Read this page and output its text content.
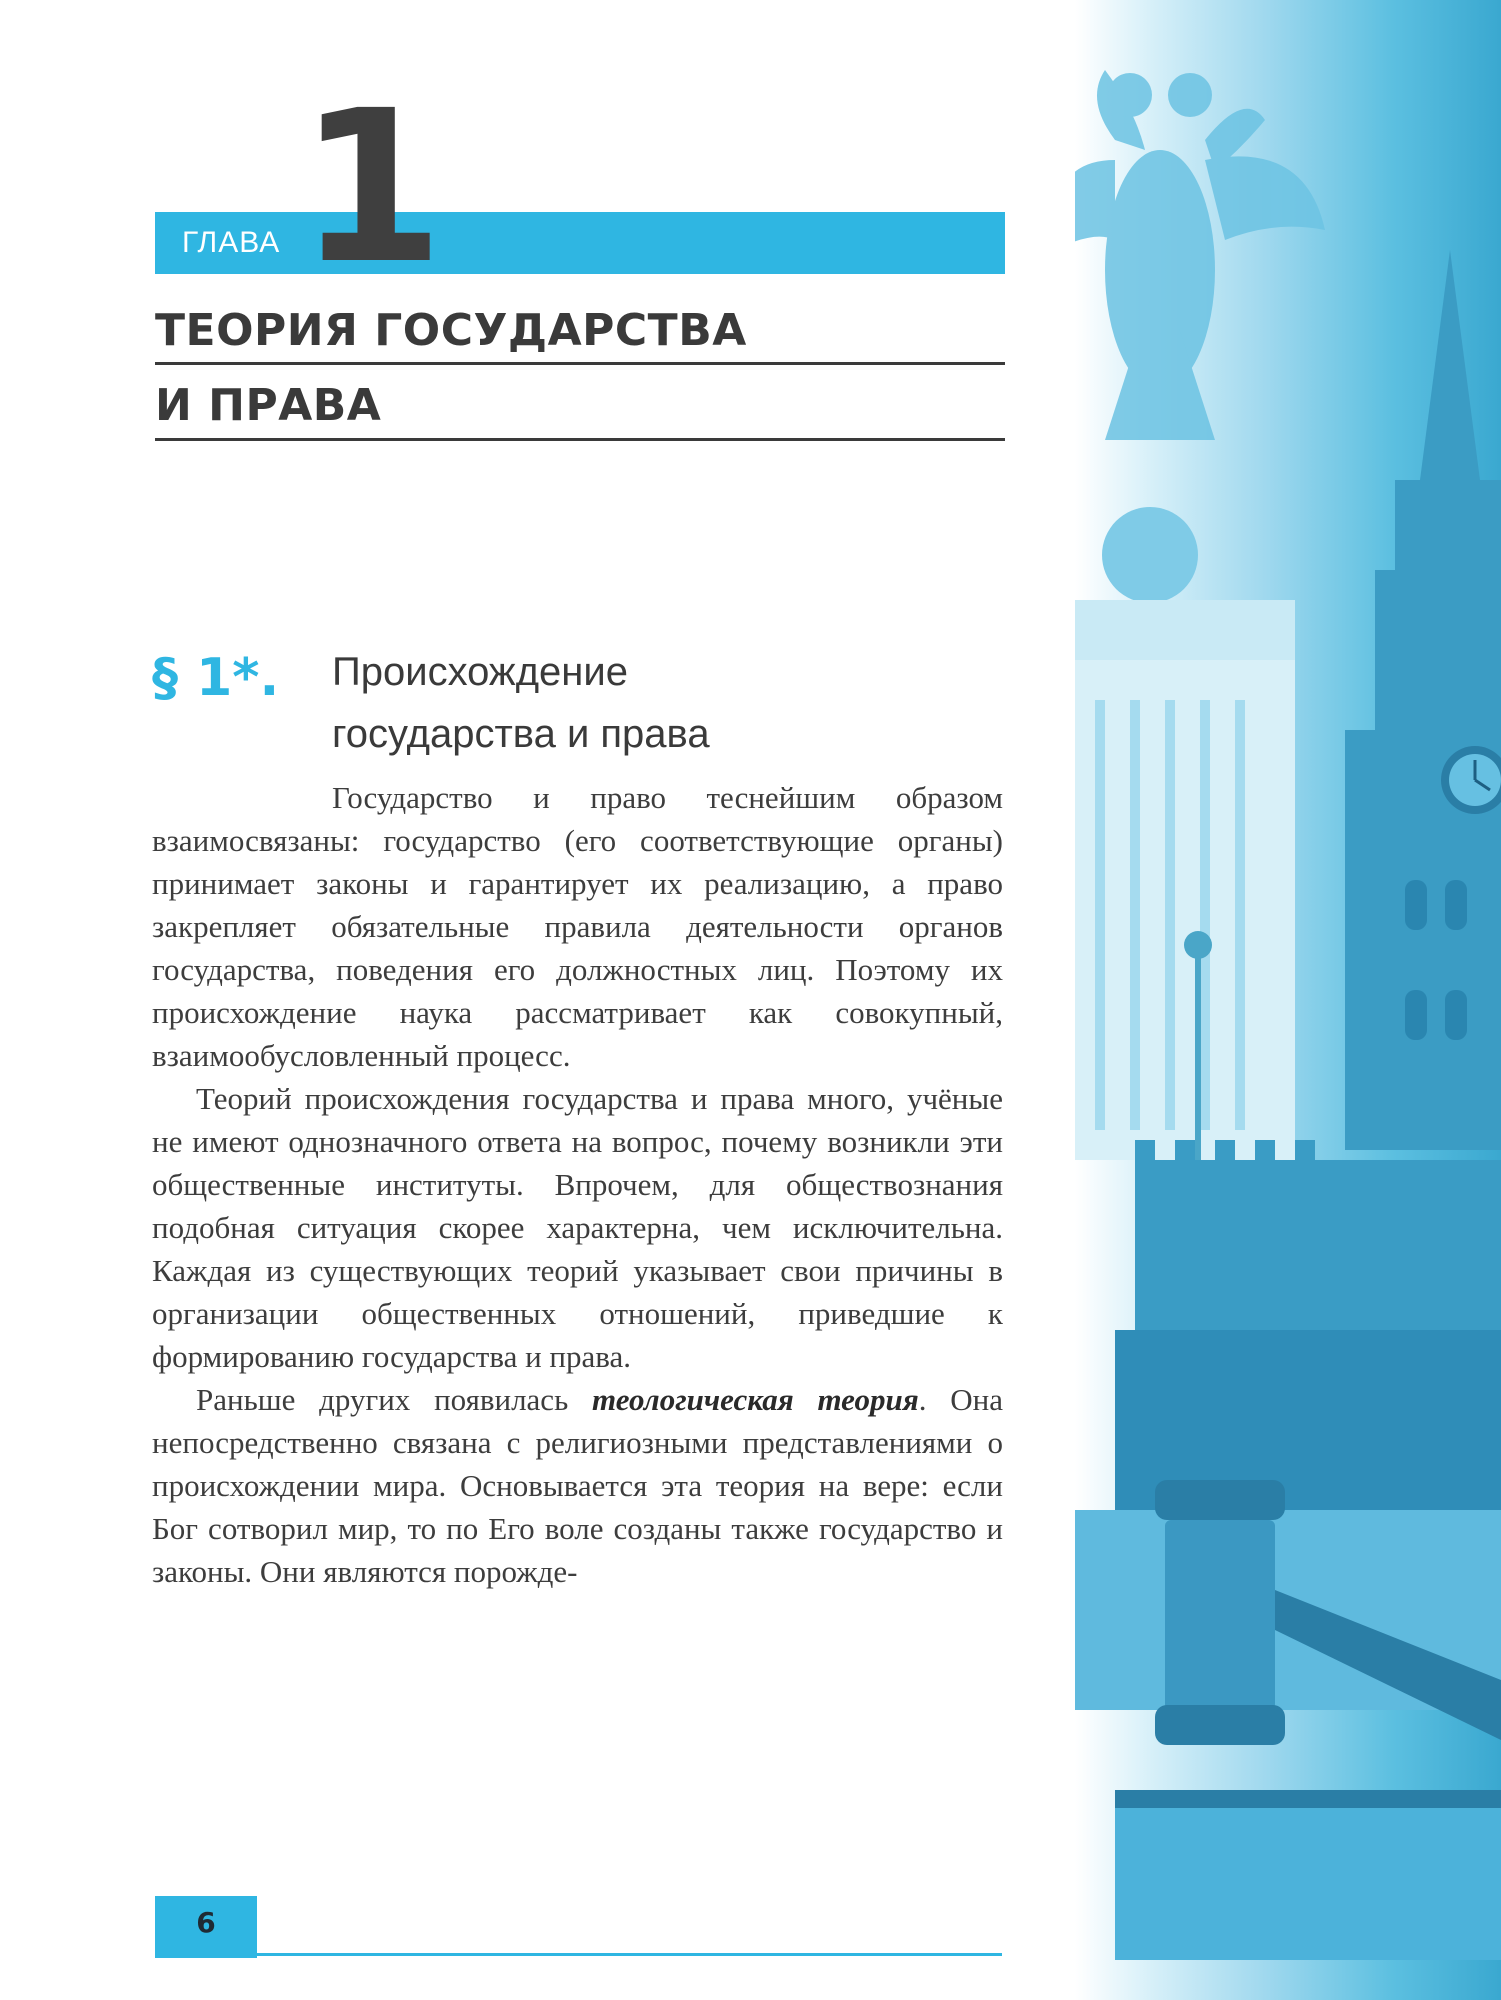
ГЛАВА 1
ТЕОРИЯ ГОСУДАРСТВА
И ПРАВА
§ 1*. Происхождение
государства и права

Государство и право теснейшим образом взаимосвязаны: государство (его соответствующие органы) принимает законы и гарантирует их реализацию, а право закрепляет обязательные правила деятельности органов государства, поведения его должностных лиц. Поэтому их происхождение наука рассматривает как совокупный, взаимообусловленный процесс.

Теорий происхождения государства и права много, учёные не имеют однозначного ответа на вопрос, почему возникли эти общественные институты. Впрочем, для обществознания подобная ситуация скорее характерна, чем исключительна. Каждая из существующих теорий указывает свои причины в организации общественных отношений, приведшие к формированию государства и права.

Раньше других появилась теологическая теория. Она непосредственно связана с религиозными представлениями о происхождении мира. Основывается эта теория на вере: если Бог сотворил мир, то по Его воле созданы также государство и законы. Они являются порожде-

6
